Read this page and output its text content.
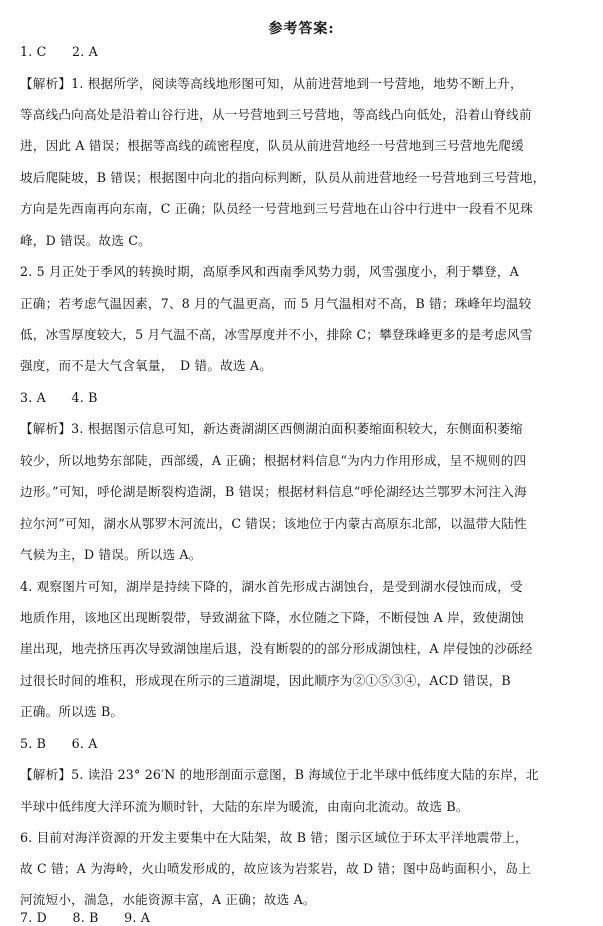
参考答案:
1. C　　2. A
【解析】1. 根据所学，阅读等高线地形图可知，从前进营地到一号营地，地势不断上升，
等高线凸向高处是沿着山谷行进，从一号营地到三号营地，等高线凸向低处，沿着山脊线前
进，因此 A 错误；根据等高线的疏密程度，队员从前进营地经一号营地到三号营地先爬缓
坡后爬陡坡，B 错误；根据图中向北的指向标判断，队员从前进营地经一号营地到三号营地，
方向是先西南再向东南，C 正确；队员经一号营地到三号营地在山谷中行进中一段看不见珠
峰，D 错误。故选 C。
2. 5 月正处于季风的转换时期，高原季风和西南季风势力弱，风雪强度小，利于攀登，A
正确；若考虑气温因素，7、8 月的气温更高，而 5 月气温相对不高，B 错；珠峰年均温较
低，冰雪厚度较大，5 月气温不高，冰雪厚度并不小，排除 C；攀登珠峰更多的是考虑风雪
强度，而不是大气含氧量，　D 错。故选 A。
3. A　　4. B
【解析】3. 根据图示信息可知，新达赉湖湖区西侧湖泊面积萎缩面积较大，东侧面积萎缩
较少，所以地势东部陡，西部缓，A 正确；根据材料信息“为内力作用形成，呈不规则的四
边形。”可知，呼伦湖是断裂构造湖，B 错误；根据材料信息“呼伦湖经达兰鄂罗木河注入海
拉尔河”可知，湖水从鄂罗木河流出，C 错误；该地位于内蒙古高原东北部，以温带大陆性
气候为主，D 错误。所以选 A。
4. 观察图片可知，湖岸是持续下降的，湖水首先形成古湖蚀台，是受到湖水侵蚀而成，受
地质作用，该地区出现断裂带，导致湖盆下降，水位随之下降，不断侵蚀 A 岸，致使湖蚀
崖出现，地壳挤压再次导致湖蚀崖后退，没有断裂的的部分形成湖蚀柱，A 岸侵蚀的沙砾经
过很长时间的堆积，形成现在所示的三道湖堤，因此顺序为②①⑤③④，ACD 错误，B
正确。所以选 B。
5. B　　6. A
【解析】5. 读沿 23° 26′N 的地形剖面示意图，B 海域位于北半球中低纬度大陆的东岸，北
半球中低纬度大洋环流为顺时针，大陆的东岸为暖流，由南向北流动。故选 B。
6. 目前对海洋资源的开发主要集中在大陆架，故 B 错；图示区域位于环太平洋地震带上，
故 C 错；A 为海岭，火山喷发形成的，故应该为岩浆岩，故 D 错；图中岛屿面积小，岛上
河流短小，湍急，水能资源丰富，A 正确；故选 A。
7. D　　8. B　　9. A
